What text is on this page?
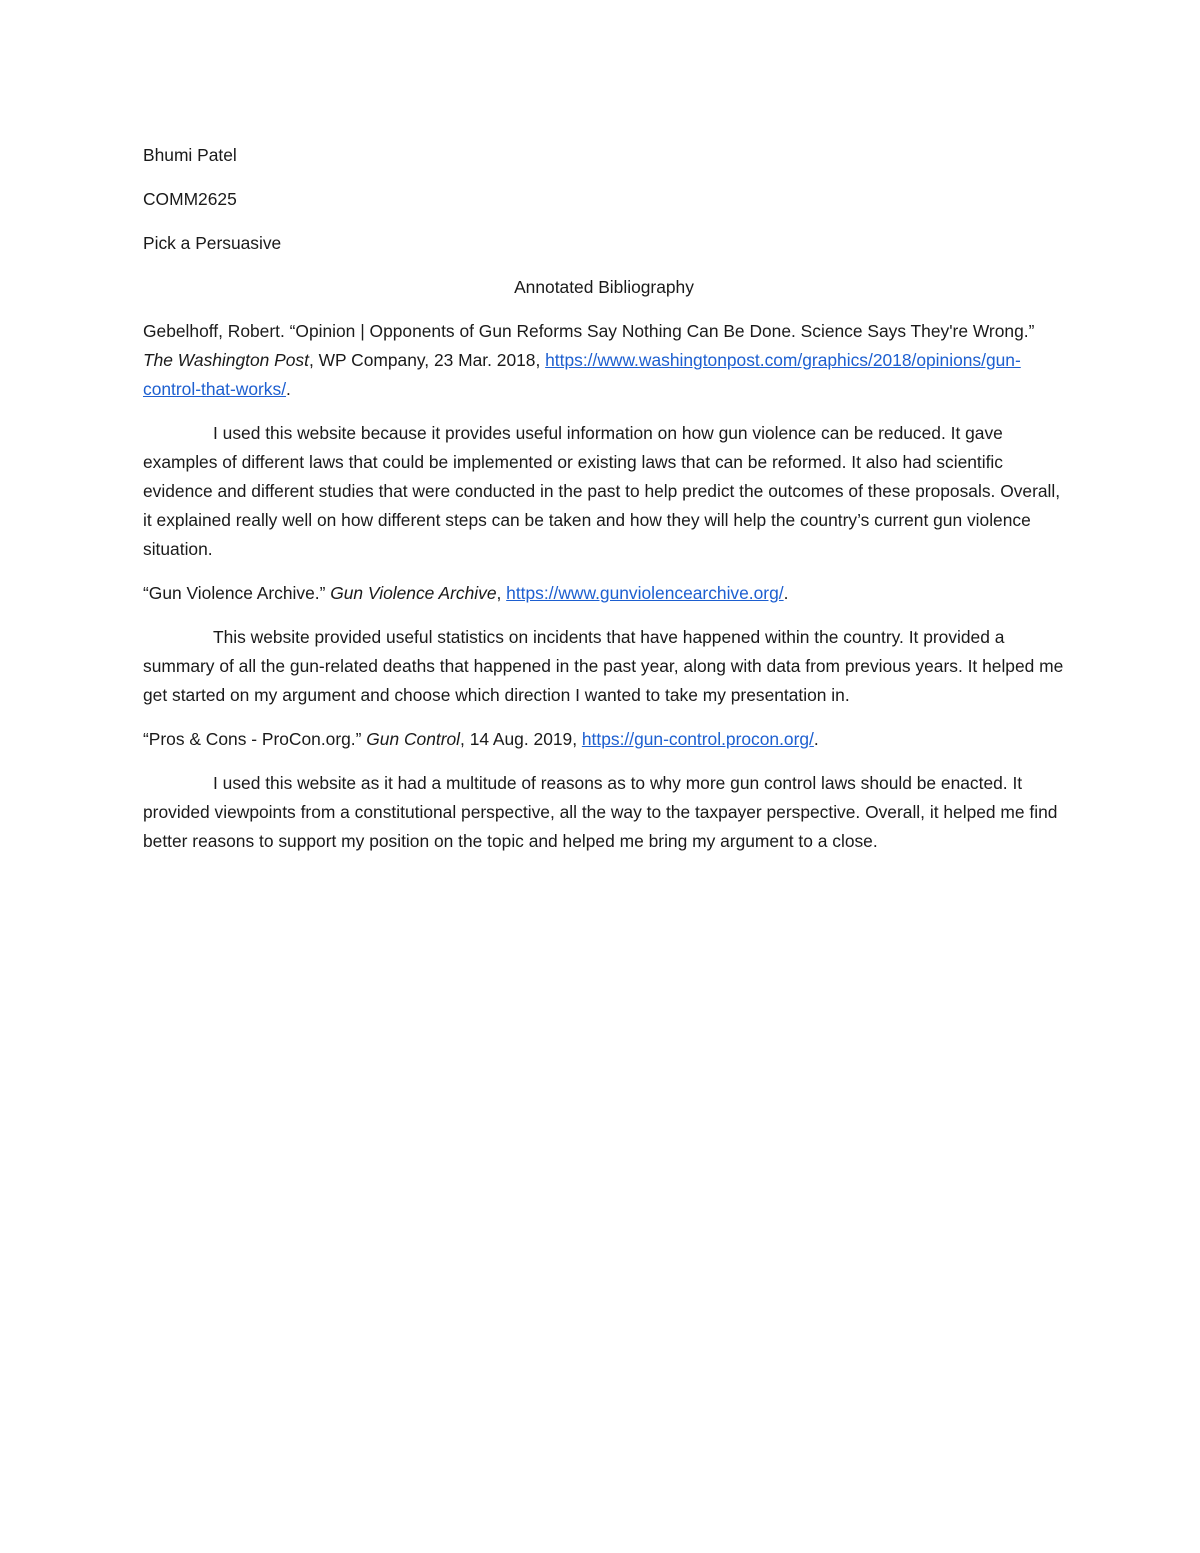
Bhumi Patel

COMM2625

Pick a Persuasive

Annotated Bibliography

Gebelhoff, Robert. “Opinion | Opponents of Gun Reforms Say Nothing Can Be Done. Science Says They're Wrong.” The Washington Post, WP Company, 23 Mar. 2018, https://www.washingtonpost.com/graphics/2018/opinions/gun-control-that-works/.

I used this website because it provides useful information on how gun violence can be reduced. It gave examples of different laws that could be implemented or existing laws that can be reformed. It also had scientific evidence and different studies that were conducted in the past to help predict the outcomes of these proposals. Overall, it explained really well on how different steps can be taken and how they will help the country’s current gun violence situation.

“Gun Violence Archive.” Gun Violence Archive, https://www.gunviolencearchive.org/.

This website provided useful statistics on incidents that have happened within the country. It provided a summary of all the gun-related deaths that happened in the past year, along with data from previous years. It helped me get started on my argument and choose which direction I wanted to take my presentation in.

“Pros & Cons - ProCon.org.” Gun Control, 14 Aug. 2019, https://gun-control.procon.org/.

I used this website as it had a multitude of reasons as to why more gun control laws should be enacted. It provided viewpoints from a constitutional perspective, all the way to the taxpayer perspective. Overall, it helped me find better reasons to support my position on the topic and helped me bring my argument to a close.
